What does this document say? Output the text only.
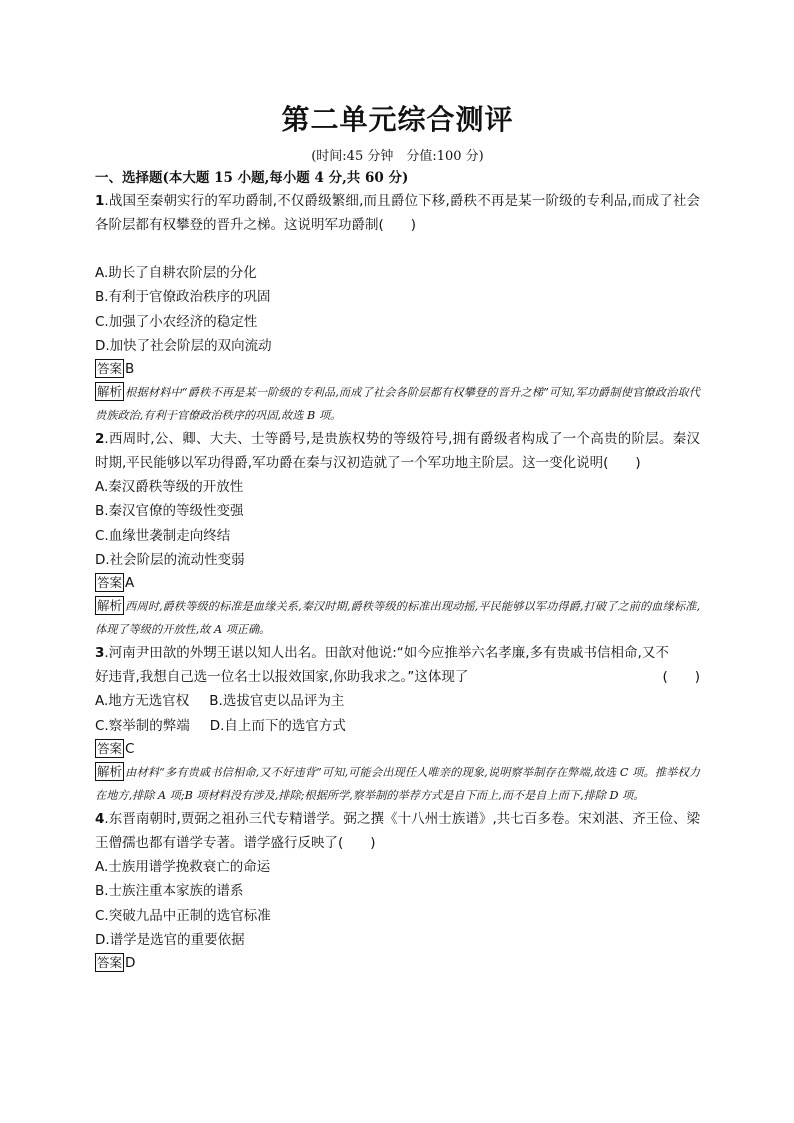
第二单元综合测评
(时间:45 分钟　分值:100 分)
一、选择题(本大题 15 小题,每小题 4 分,共 60 分)
1.战国至秦朝实行的军功爵制,不仅爵级繁细,而且爵位下移,爵秩不再是某一阶级的专利品,而成了社会各阶层都有权攀登的晋升之梯。这说明军功爵制(　　)
A.助长了自耕农阶层的分化
B.有利于官僚政治秩序的巩固
C.加强了小农经济的稳定性
D.加快了社会阶层的双向流动
答案 B
解析 根据材料中“爵秩不再是某一阶级的专利品,而成了社会各阶层都有权攀登的晋升之梯”可知,军功爵制使官僚政治取代贵族政治,有利于官僚政治秩序的巩固,故选 B 项。
2.西周时,公、卿、大夫、士等爵号,是贵族权势的等级符号,拥有爵级者构成了一个高贵的阶层。秦汉时期,平民能够以军功得爵,军功爵在秦与汉初造就了一个军功地主阶层。这一变化说明(　　)
A.秦汉爵秩等级的开放性
B.秦汉官僚的等级性变强
C.血缘世袭制走向终结
D.社会阶层的流动性变弱
答案 A
解析 西周时,爵秩等级的标准是血缘关系,秦汉时期,爵秩等级的标准出现动摇,平民能够以军功得爵,打破了之前的血缘标准,体现了等级的开放性,故 A 项正确。
3.河南尹田歆的外甥王谌以知人出名。田歆对他说:“如今应推举六名孝廉,多有贵戚书信相命,又不
好违背,我想自己选一位名士以报效国家,你助我求之。”这体现了	(　　)
A.地方无选官权 B.选拔官吏以品评为主
C.察举制的弊端 D.自上而下的选官方式
答案 C
解析 由材料“多有贵戚书信相命,又不好违背”可知,可能会出现任人唯亲的现象,说明察举制存在弊端,故选 C 项。推举权力在地方,排除 A 项;B 项材料没有涉及,排除;根据所学,察举制的举荐方式是自下而上,而不是自上而下,排除 D 项。
4.东晋南朝时,贾弼之祖孙三代专精谱学。弼之撰《十八州士族谱》,共七百多卷。宋刘湛、齐王俭、梁王僧孺也都有谱学专著。谱学盛行反映了(　　)
A.士族用谱学挽救衰亡的命运
B.士族注重本家族的谱系
C.突破九品中正制的选官标准
D.谱学是选官的重要依据
答案 D
